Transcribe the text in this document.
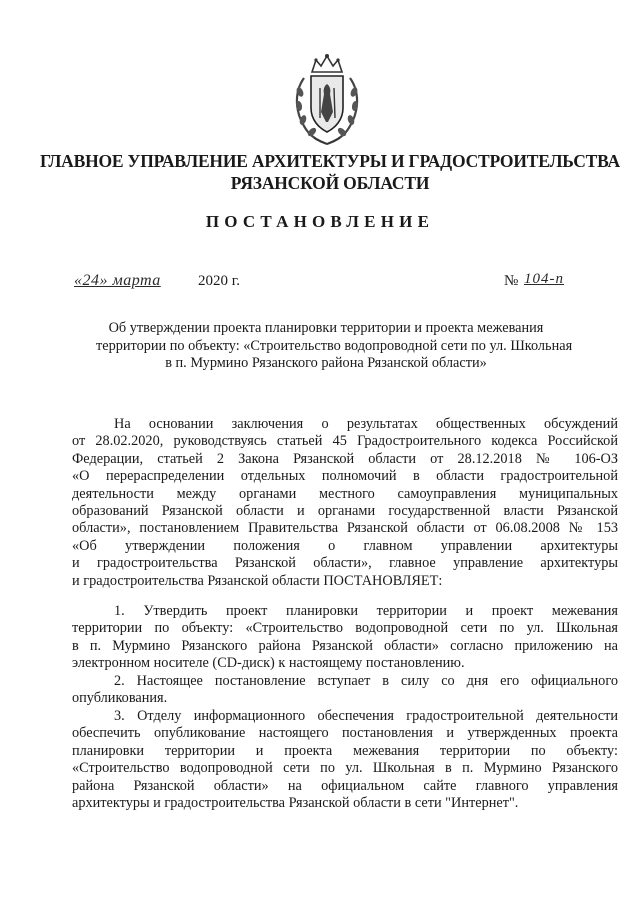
ГЛАВНОЕ УПРАВЛЕНИЕ АРХИТЕКТУРЫ И ГРАДОСТРОИТЕЛЬСТВА
РЯЗАНСКОЙ ОБЛАСТИ
ПОСТАНОВЛЕНИЕ
«24» марта 2020 г.	№ 104-п
Об утверждении проекта планировки территории и проекта межевания
территории по объекту: «Строительство водопроводной сети по ул. Школьная
в п. Мурмино Рязанского района Рязанской области»
На основании заключения о результатах общественных обсуждений
от 28.02.2020, руководствуясь статьей 45 Градостроительного кодекса Российской
Федерации, статьей 2 Закона Рязанской области от 28.12.2018 № 106-ОЗ
«О перераспределении отдельных полномочий в области градостроительной
деятельности между органами местного самоуправления муниципальных
образований Рязанской области и органами государственной власти Рязанской
области», постановлением Правительства Рязанской области от 06.08.2008 № 153
«Об утверждении положения о главном управлении архитектуры
и градостроительства Рязанской области», главное управление архитектуры
и градостроительства Рязанской области ПОСТАНОВЛЯЕТ:
1. Утвердить проект планировки территории и проект межевания
территории по объекту: «Строительство водопроводной сети по ул. Школьная
в п. Мурмино Рязанского района Рязанской области» согласно приложению на
электронном носителе (CD-диск) к настоящему постановлению.
2. Настоящее постановление вступает в силу со дня его официального
опубликования.
3. Отделу информационного обеспечения градостроительной деятельности
обеспечить опубликование настоящего постановления и утвержденных проекта
планировки территории и проекта межевания территории по объекту:
«Строительство водопроводной сети по ул. Школьная в п. Мурмино Рязанского
района Рязанской области» на официальном сайте главного управления
архитектуры и градостроительства Рязанской области в сети "Интернет".
